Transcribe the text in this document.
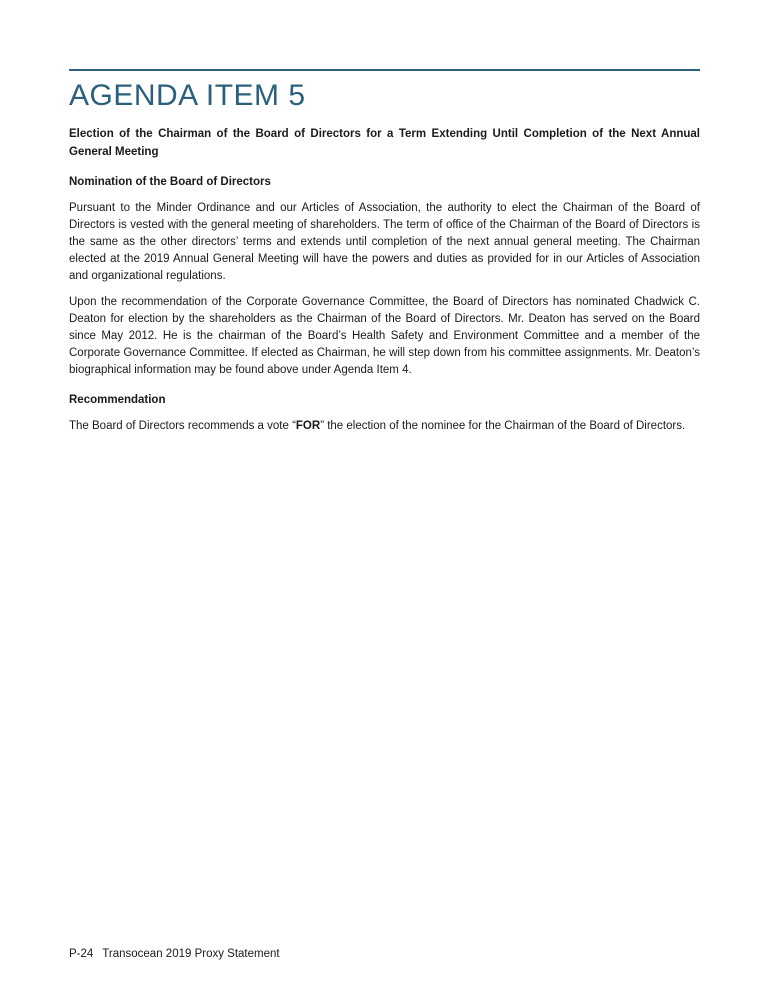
AGENDA ITEM 5
Election of the Chairman of the Board of Directors for a Term Extending Until Completion of the Next Annual General Meeting
Nomination of the Board of Directors

Pursuant to the Minder Ordinance and our Articles of Association, the authority to elect the Chairman of the Board of Directors is vested with the general meeting of shareholders. The term of office of the Chairman of the Board of Directors is the same as the other directors’ terms and extends until completion of the next annual general meeting. The Chairman elected at the 2019 Annual General Meeting will have the powers and duties as provided for in our Articles of Association and organizational regulations.

Upon the recommendation of the Corporate Governance Committee, the Board of Directors has nominated Chadwick C. Deaton for election by the shareholders as the Chairman of the Board of Directors. Mr. Deaton has served on the Board since May 2012. He is the chairman of the Board’s Health Safety and Environment Committee and a member of the Corporate Governance Committee. If elected as Chairman, he will step down from his committee assignments. Mr. Deaton’s biographical information may be found above under Agenda Item 4.

Recommendation

The Board of Directors recommends a vote “FOR” the election of the nominee for the Chairman of the Board of Directors.

P-24 Transocean 2019 Proxy Statement
